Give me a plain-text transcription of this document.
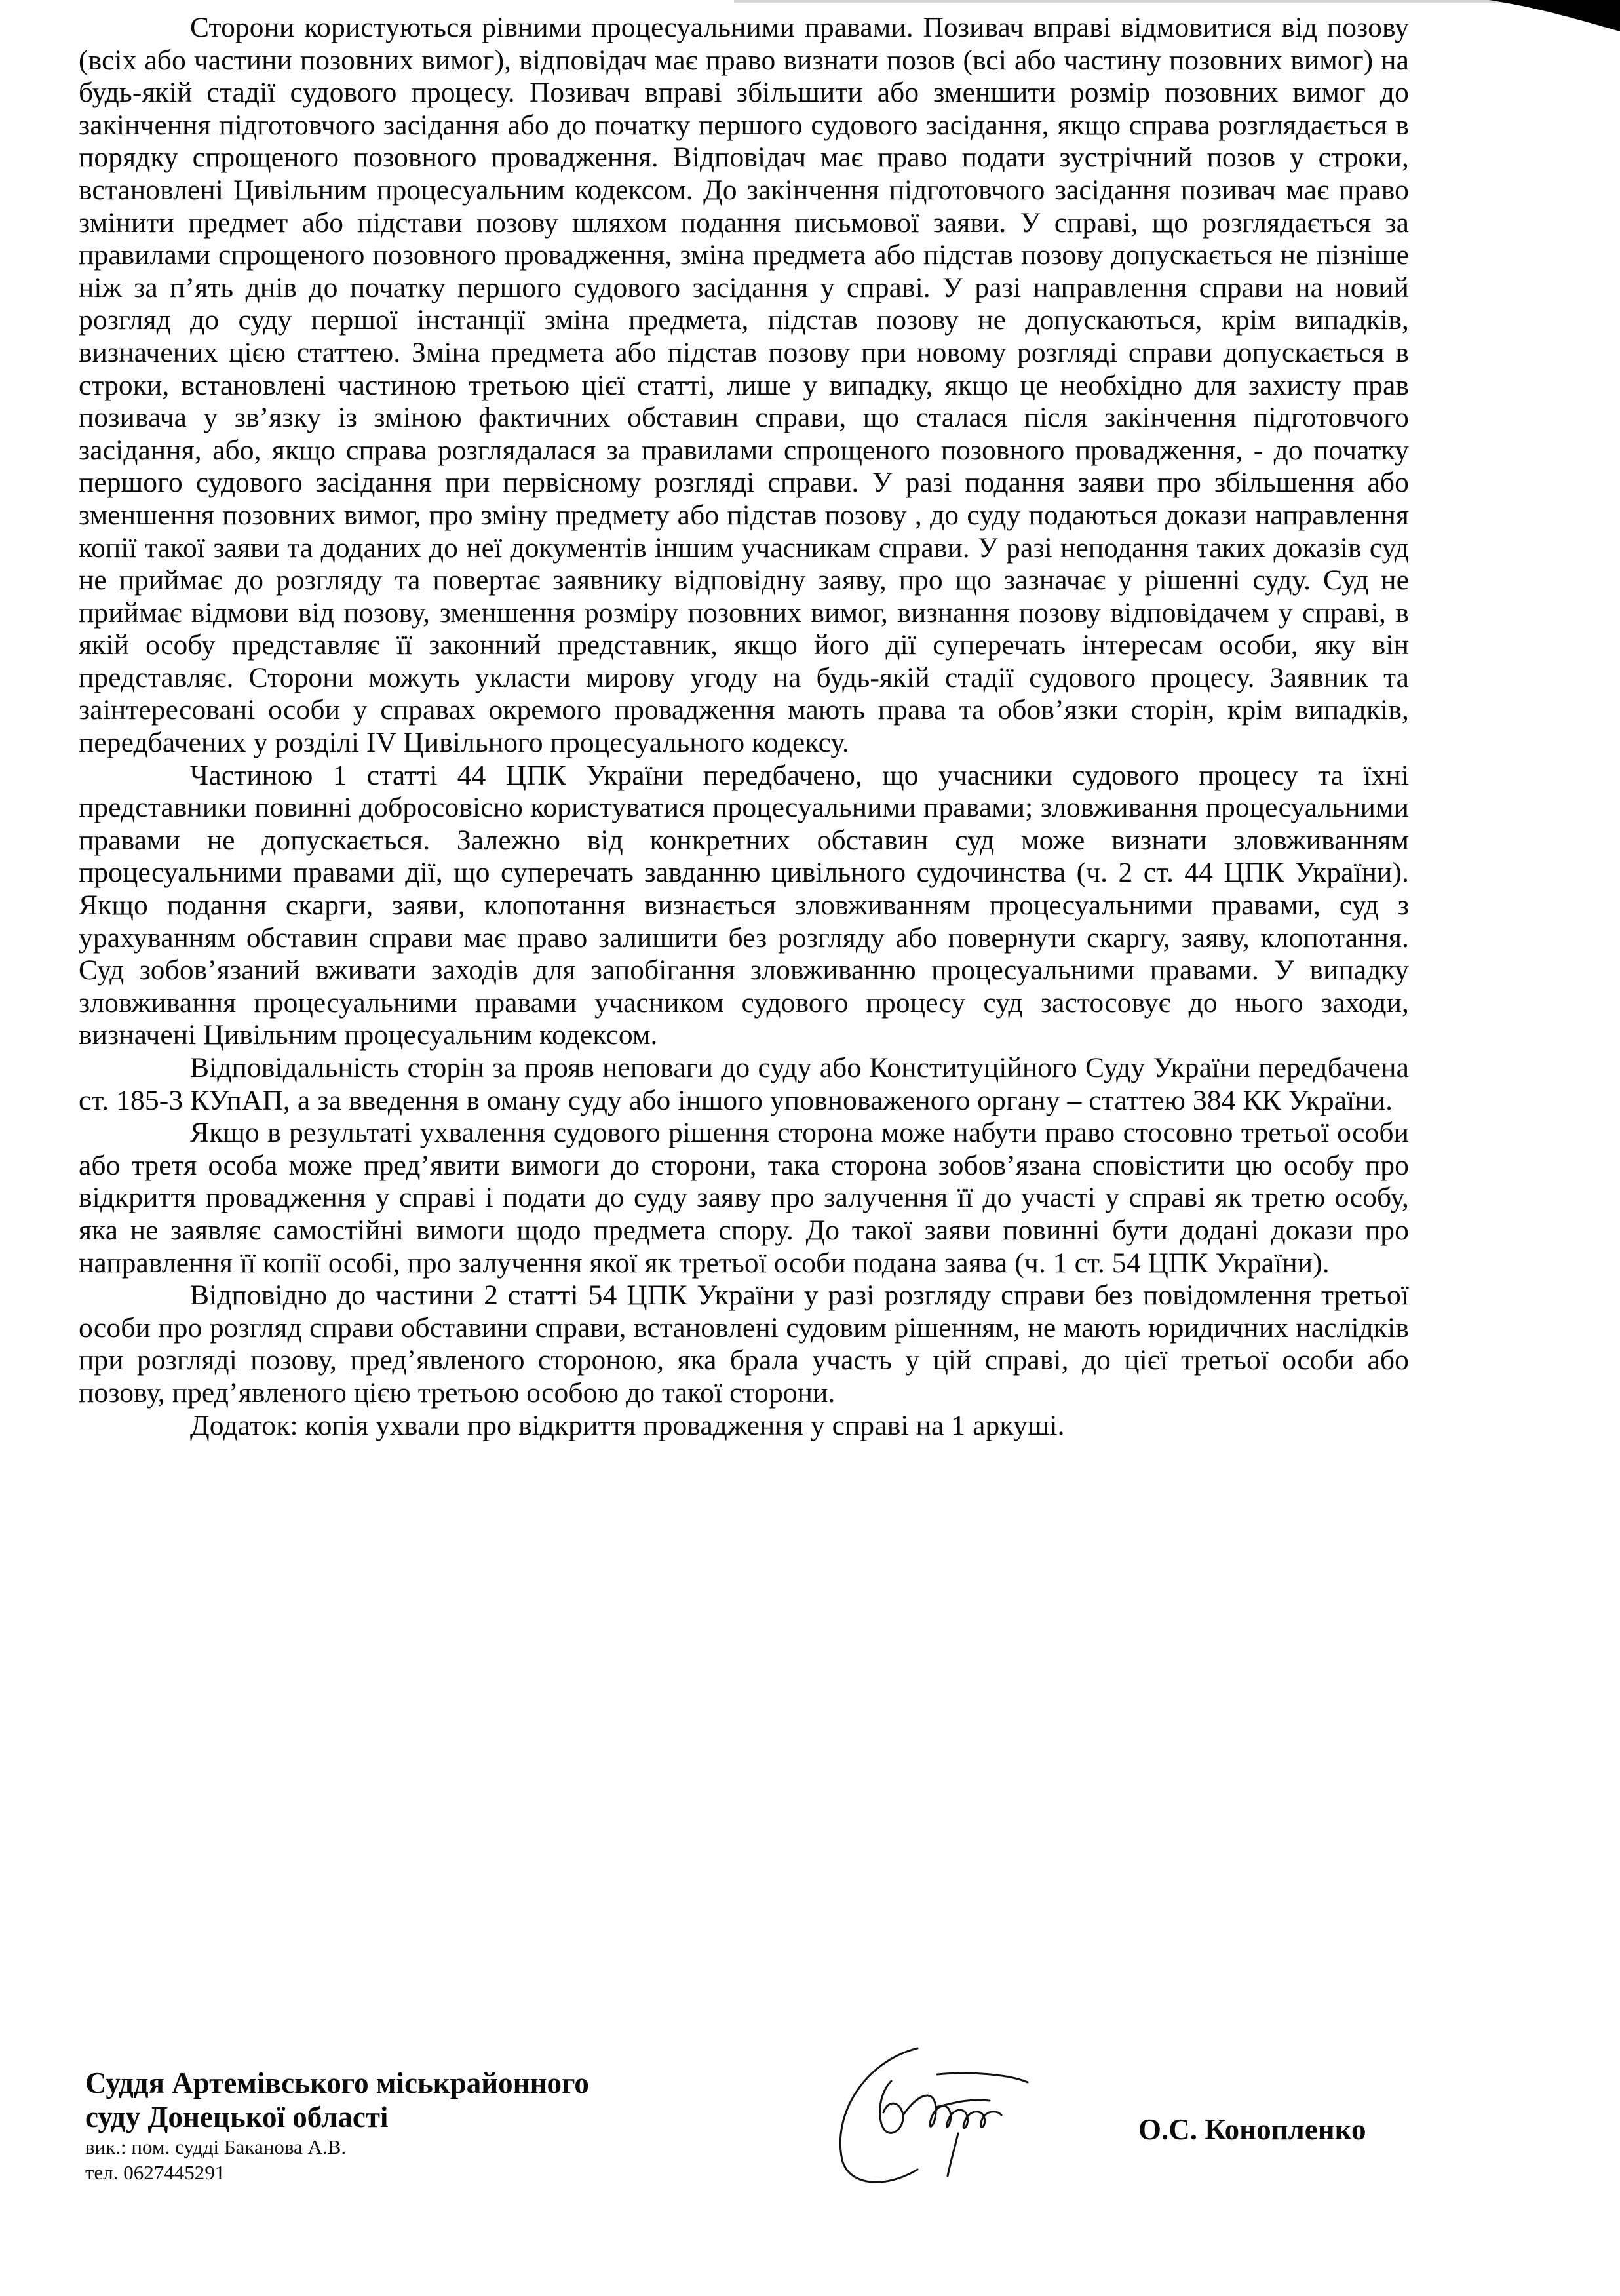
Сторони користуються рівними процесуальними правами. Позивач вправі відмовитися від позову (всіх або частини позовних вимог), відповідач має право визнати позов (всі або частину позовних вимог) на будь-якій стадії судового процесу. Позивач вправі збільшити або зменшити розмір позовних вимог до закінчення підготовчого засідання або до початку першого судового засідання, якщо справа розглядається в порядку спрощеного позовного провадження. Відповідач має право подати зустрічний позов у строки, встановлені Цивільним процесуальним кодексом. До закінчення підготовчого засідання позивач має право змінити предмет або підстави позову шляхом подання письмової заяви. У справі, що розглядається за правилами спрощеного позовного провадження, зміна предмета або підстав позову допускається не пізніше ніж за п’ять днів до початку першого судового засідання у справі. У разі направлення справи на новий розгляд до суду першої інстанції зміна предмета, підстав позову не допускаються, крім випадків, визначених цією статтею. Зміна предмета або підстав позову при новому розгляді справи допускається в строки, встановлені частиною третьою цієї статті, лише у випадку, якщо це необхідно для захисту прав позивача у зв’язку із зміною фактичних обставин справи, що сталася після закінчення підготовчого засідання, або, якщо справа розглядалася за правилами спрощеного позовного провадження, - до початку першого судового засідання при первісному розгляді справи. У разі подання заяви про збільшення або зменшення позовних вимог, про зміну предмету або підстав позову , до суду подаються докази направлення копії такої заяви та доданих до неї документів іншим учасникам справи. У разі неподання таких доказів суд не приймає до розгляду та повертає заявнику відповідну заяву, про що зазначає у рішенні суду. Суд не приймає відмови від позову, зменшення розміру позовних вимог, визнання позову відповідачем у справі, в якій особу представляє її законний представник, якщо його дії суперечать інтересам особи, яку він представляє. Сторони можуть укласти мирову угоду на будь-якій стадії судового процесу. Заявник та заінтересовані особи у справах окремого провадження мають права та обов’язки сторін, крім випадків, передбачених у розділі IV Цивільного процесуального кодексу.

Частиною 1 статті 44 ЦПК України передбачено, що учасники судового процесу та їхні представники повинні добросовісно користуватися процесуальними правами; зловживання процесуальними правами не допускається. Залежно від конкретних обставин суд може визнати зловживанням процесуальними правами дії, що суперечать завданню цивільного судочинства (ч. 2 ст. 44 ЦПК України). Якщо подання скарги, заяви, клопотання визнається зловживанням процесуальними правами, суд з урахуванням обставин справи має право залишити без розгляду або повернути скаргу, заяву, клопотання. Суд зобов’язаний вживати заходів для запобігання зловживанню процесуальними правами. У випадку зловживання процесуальними правами учасником судового процесу суд застосовує до нього заходи, визначені Цивільним процесуальним кодексом.

Відповідальність сторін за прояв неповаги до суду або Конституційного Суду України передбачена ст. 185-3 КУпАП, а за введення в оману суду або іншого уповноваженого органу – статтею 384 КК України.

Якщо в результаті ухвалення судового рішення сторона може набути право стосовно третьої особи або третя особа може пред’явити вимоги до сторони, така сторона зобов’язана сповістити цю особу про відкриття провадження у справі і подати до суду заяву про залучення її до участі у справі як третю особу, яка не заявляє самостійні вимоги щодо предмета спору. До такої заяви повинні бути додані докази про направлення її копії особі, про залучення якої як третьої особи подана заява (ч. 1 ст. 54 ЦПК України).

Відповідно до частини 2 статті 54 ЦПК України у разі розгляду справи без повідомлення третьої особи про розгляд справи обставини справи, встановлені судовим рішенням, не мають юридичних наслідків при розгляді позову, пред’явленого стороною, яка брала участь у цій справі, до цієї третьої особи або позову, пред’явленого цією третьою особою до такої сторони.

Додаток: копія ухвали про відкриття провадження у справі на 1 аркуші.

Суддя Артемівського міськрайонного

суду Донецької області

вик.: пом. судді Баканова А.В.

тел. 0627445291

О.С. Конопленко
